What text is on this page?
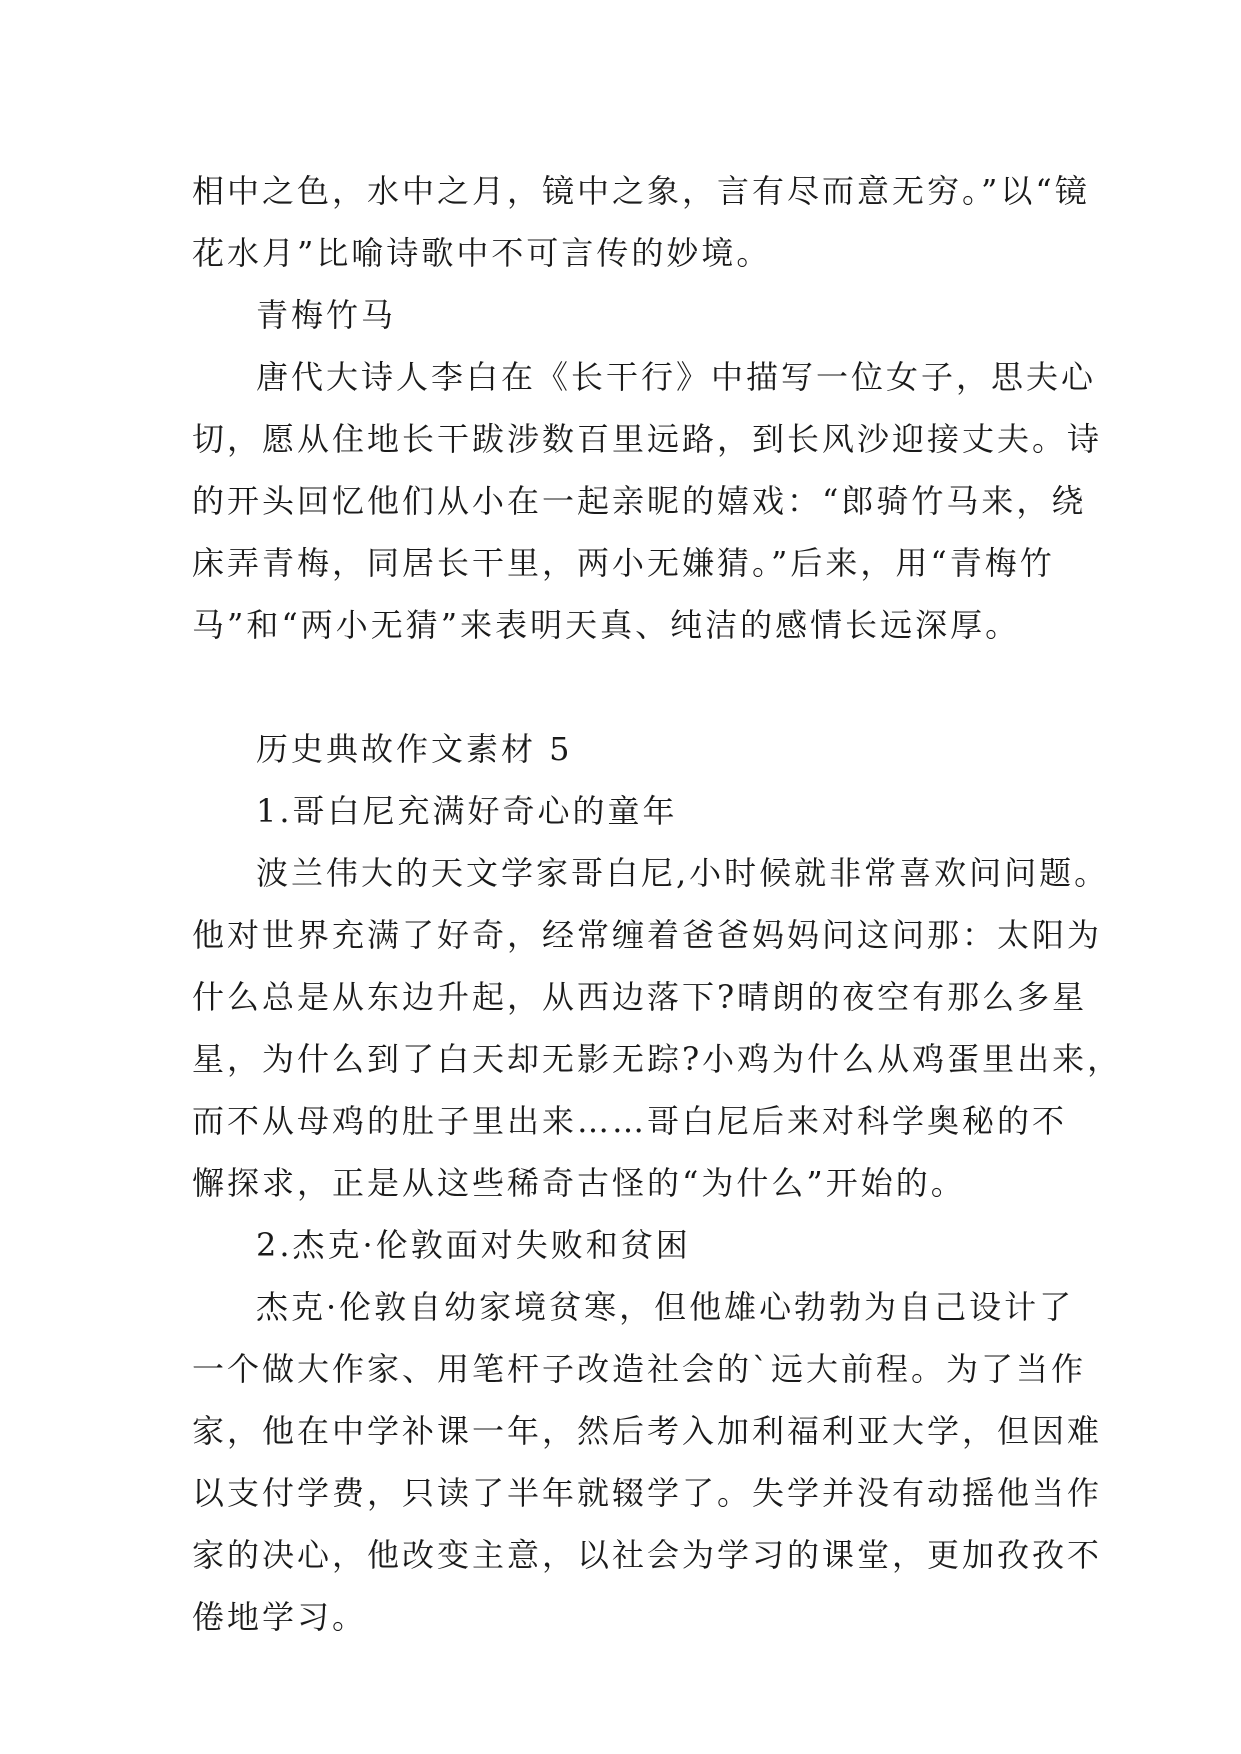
相中之色，水中之月，镜中之象，言有尽而意无穷。”以“镜

花水月”比喻诗歌中不可言传的妙境。

青梅竹马

唐代大诗人李白在《长干行》中描写一位女子，思夫心

切，愿从住地长干跋涉数百里远路，到长风沙迎接丈夫。诗

的开头回忆他们从小在一起亲昵的嬉戏：“郎骑竹马来，绕

床弄青梅，同居长干里，两小无嫌猜。”后来，用“青梅竹

马”和“两小无猜”来表明天真、纯洁的感情长远深厚。

历史典故作文素材 5

1.哥白尼充满好奇心的童年

波兰伟大的天文学家哥白尼,小时候就非常喜欢问问题。

他对世界充满了好奇，经常缠着爸爸妈妈问这问那：太阳为

什么总是从东边升起，从西边落下?晴朗的夜空有那么多星

星，为什么到了白天却无影无踪?小鸡为什么从鸡蛋里出来，

而不从母鸡的肚子里出来……哥白尼后来对科学奥秘的不

懈探求，正是从这些稀奇古怪的“为什么”开始的。

2.杰克·伦敦面对失败和贫困

杰克·伦敦自幼家境贫寒，但他雄心勃勃为自己设计了

一个做大作家、用笔杆子改造社会的`远大前程。为了当作

家，他在中学补课一年，然后考入加利福利亚大学，但因难

以支付学费，只读了半年就辍学了。失学并没有动摇他当作

家的决心，他改变主意，以社会为学习的课堂，更加孜孜不

倦地学习。
